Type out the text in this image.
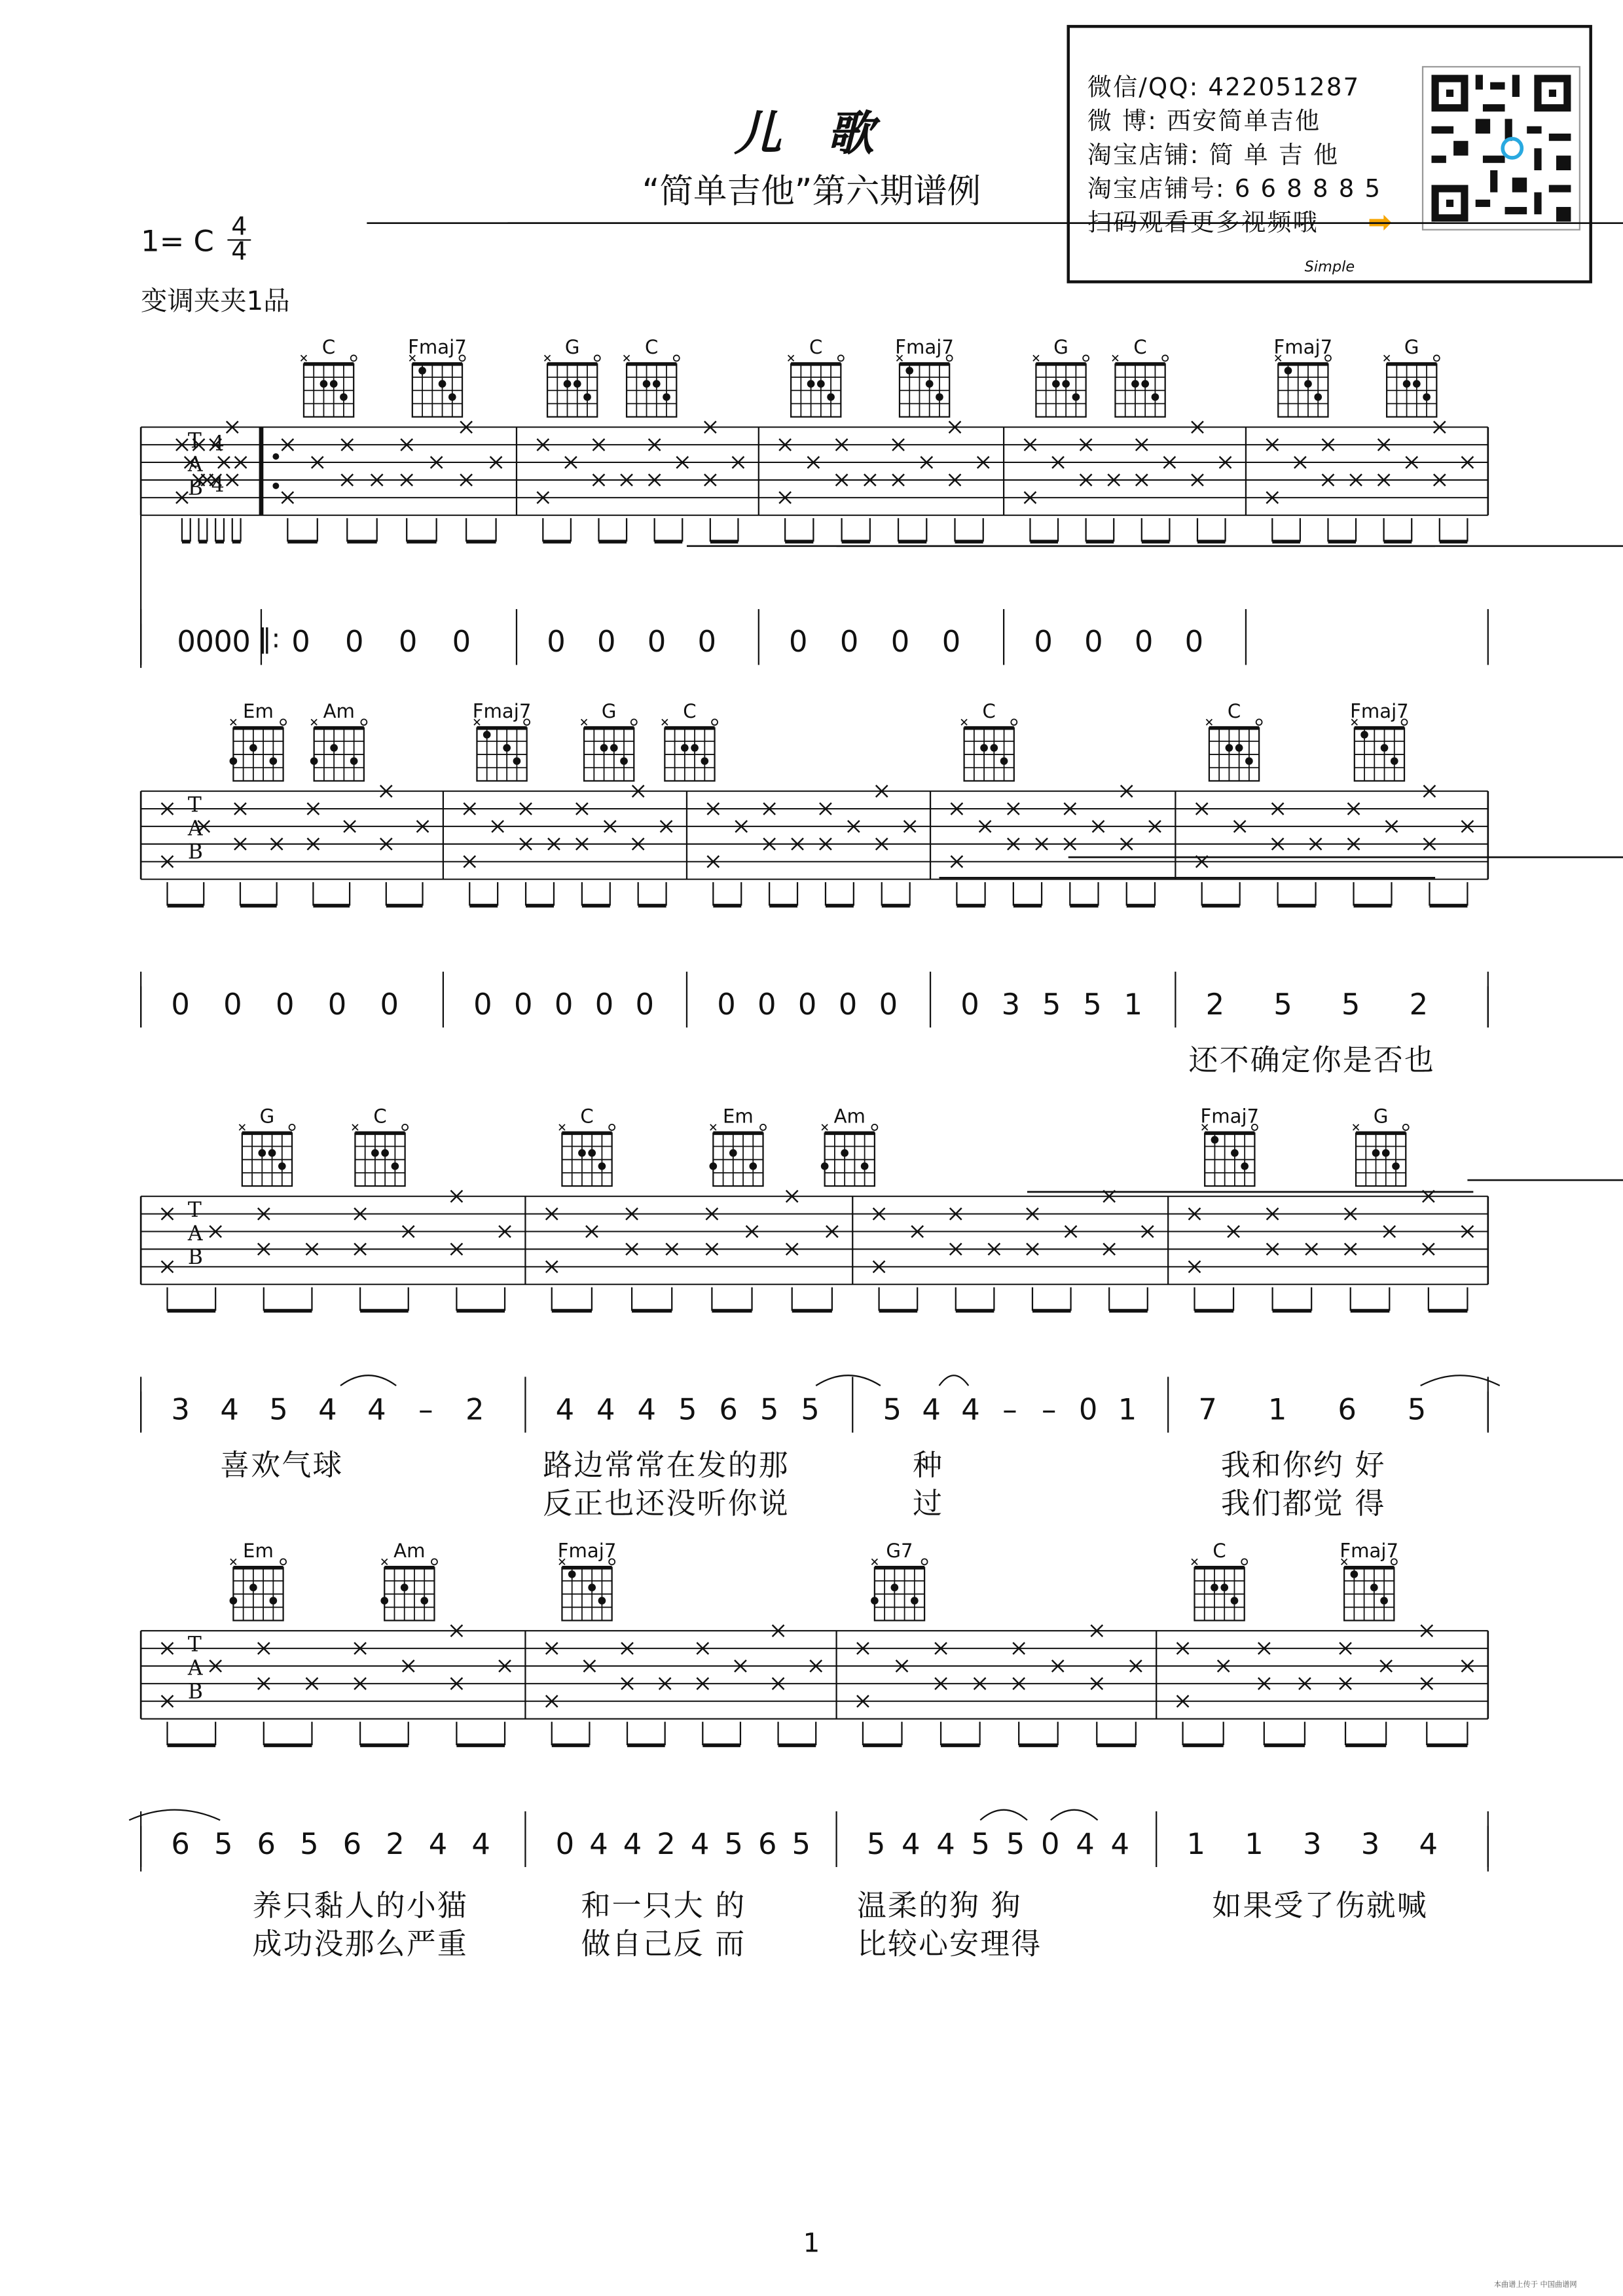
儿 歌
“简单吉他”第六期谱例
1= C	4
4
变调夹夹1品
微信/QQ: 422051287
微 博: 西安简单吉他
淘宝店铺: 简 单 吉 他
淘宝店铺号: 6 6 8 8 8 5
扫码观看更多视频哦	➡
Simple
C	Fmaj7	G	C	C	Fmaj7	G	C	Fmaj7	G
T
A
B
4
4
0 0 0 0	0	0	0	0	0 0 0 0	0 0 0 0	0 0 0 0
‖:
Em	Am	Fmaj7	G	C	C	C	Fmaj7
T
A
B
0	0	0	0	0	0 0 0 0 0	0 0 0 0 0	0 3 5 5 1	2	5	5	2
G	C	C	Em	Am	Fmaj7	G
T
A
B
3 4 5 4 4	–	2	4 4 4 5 6 5 5	5 4 4	–	–	0 1	7	1	6	5
Em	Am	Fmaj7	G7	C	Fmaj7
T
A
B
6 5 6 5 6 2 4 4	0 4 4 2 4 5 6 5	5 4 4 5 5 0 4 4	1	1	3	3	4
还不确定你是否也
喜欢气球	路边常常在发的那	种	我和你约 好
反正也还没听你说	过	我们都觉 得
养只黏人的小猫	和一只大 的	温柔的狗 狗	如果受了伤就喊
成功没那么严重	做自己反 而	比较心安理得
1
本曲谱上传于 中国曲谱网
